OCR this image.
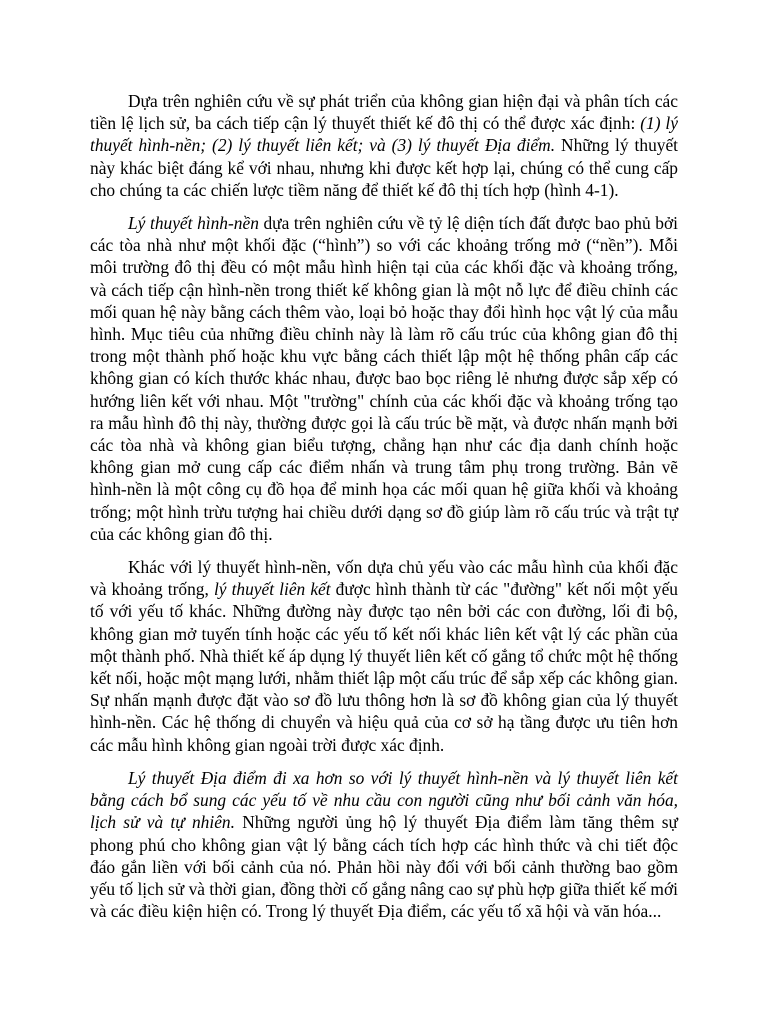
Dựa trên nghiên cứu về sự phát triển của không gian hiện đại và phân tích các tiền lệ lịch sử, ba cách tiếp cận lý thuyết thiết kế đô thị có thể được xác định: (1) lý thuyết hình-nền; (2) lý thuyết liên kết; và (3) lý thuyết Địa điểm. Những lý thuyết này khác biệt đáng kể với nhau, nhưng khi được kết hợp lại, chúng có thể cung cấp cho chúng ta các chiến lược tiềm năng để thiết kế đô thị tích hợp (hình 4-1).

Lý thuyết hình-nền dựa trên nghiên cứu về tỷ lệ diện tích đất được bao phủ bởi các tòa nhà như một khối đặc (“hình”) so với các khoảng trống mở (“nền”). Mỗi môi trường đô thị đều có một mẫu hình hiện tại của các khối đặc và khoảng trống, và cách tiếp cận hình-nền trong thiết kế không gian là một nỗ lực để điều chỉnh các mối quan hệ này bằng cách thêm vào, loại bỏ hoặc thay đổi hình học vật lý của mẫu hình. Mục tiêu của những điều chỉnh này là làm rõ cấu trúc của không gian đô thị trong một thành phố hoặc khu vực bằng cách thiết lập một hệ thống phân cấp các không gian có kích thước khác nhau, được bao bọc riêng lẻ nhưng được sắp xếp có hướng liên kết với nhau. Một "trường" chính của các khối đặc và khoảng trống tạo ra mẫu hình đô thị này, thường được gọi là cấu trúc bề mặt, và được nhấn mạnh bởi các tòa nhà và không gian biểu tượng, chẳng hạn như các địa danh chính hoặc không gian mở cung cấp các điểm nhấn và trung tâm phụ trong trường. Bản vẽ hình-nền là một công cụ đồ họa để minh họa các mối quan hệ giữa khối và khoảng trống; một hình trừu tượng hai chiều dưới dạng sơ đồ giúp làm rõ cấu trúc và trật tự của các không gian đô thị.

Khác với lý thuyết hình-nền, vốn dựa chủ yếu vào các mẫu hình của khối đặc và khoảng trống, lý thuyết liên kết được hình thành từ các "đường" kết nối một yếu tố với yếu tố khác. Những đường này được tạo nên bởi các con đường, lối đi bộ, không gian mở tuyến tính hoặc các yếu tố kết nối khác liên kết vật lý các phần của một thành phố. Nhà thiết kế áp dụng lý thuyết liên kết cố gắng tổ chức một hệ thống kết nối, hoặc một mạng lưới, nhằm thiết lập một cấu trúc để sắp xếp các không gian. Sự nhấn mạnh được đặt vào sơ đồ lưu thông hơn là sơ đồ không gian của lý thuyết hình-nền. Các hệ thống di chuyển và hiệu quả của cơ sở hạ tầng được ưu tiên hơn các mẫu hình không gian ngoài trời được xác định.

Lý thuyết Địa điểm đi xa hơn so với lý thuyết hình-nền và lý thuyết liên kết bằng cách bổ sung các yếu tố về nhu cầu con người cũng như bối cảnh văn hóa, lịch sử và tự nhiên. Những người ủng hộ lý thuyết Địa điểm làm tăng thêm sự phong phú cho không gian vật lý bằng cách tích hợp các hình thức và chi tiết độc đáo gắn liền với bối cảnh của nó. Phản hồi này đối với bối cảnh thường bao gồm yếu tố lịch sử và thời gian, đồng thời cố gắng nâng cao sự phù hợp giữa thiết kế mới và các điều kiện hiện có. Trong lý thuyết Địa điểm, các yếu tố xã hội và văn hóa...
